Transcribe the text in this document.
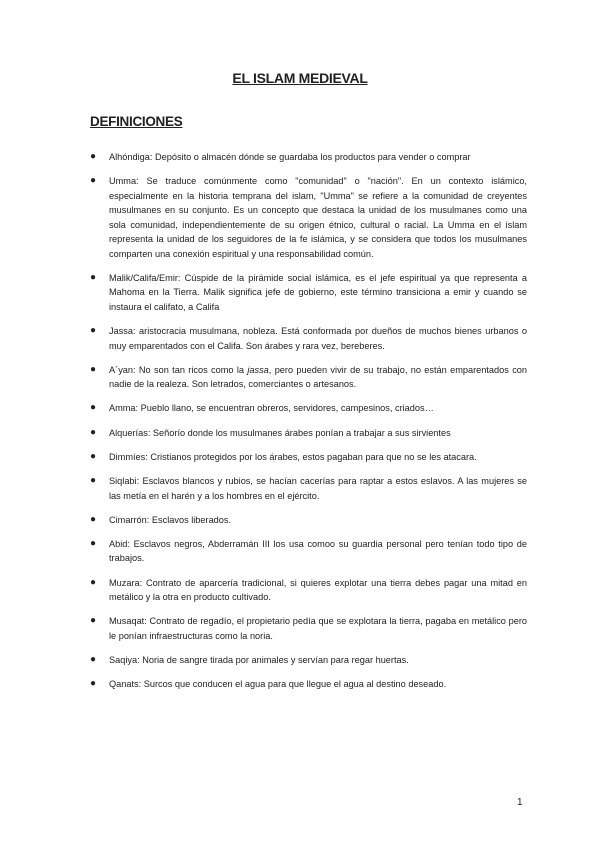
EL ISLAM MEDIEVAL
DEFINICIONES
● Alhóndiga: Depósito o almacén dónde se guardaba los productos para vender o comprar
● Umma: Se traduce comúnmente como "comunidad" o "nación". En un contexto islámico, especialmente en la historia temprana del islam, "Umma" se refiere a la comunidad de creyentes musulmanes en su conjunto. Es un concepto que destaca la unidad de los musulmanes como una sola comunidad, independientemente de su origen étnico, cultural o racial. La Umma en el islam representa la unidad de los seguidores de la fe islámica, y se considera que todos los musulmanes comparten una conexión espiritual y una responsabilidad común.
● Malik/Califa/Emir: Cúspide de la pirámide social islámica, es el jefe espiritual ya que representa a Mahoma en la Tierra. Malik significa jefe de gobierno, este término transiciona a emir y cuando se instaura el califato, a Califa
● Jassa: aristocracia musulmana, nobleza. Está conformada por dueños de muchos bienes urbanos o muy emparentados con el Califa. Son árabes y rara vez, bereberes.
● A´yan: No son tan ricos como la jassa, pero pueden vivir de su trabajo, no están emparentados con nadie de la realeza. Son letrados, comerciantes o artesanos.
● Amma: Pueblo llano, se encuentran obreros, servidores, campesinos, criados…
● Alquerías: Señorío donde los musulmanes árabes ponían a trabajar a sus sirvientes
● Dimmíes: Cristianos protegidos por los árabes, estos pagaban para que no se les atacara.
● Siqlabi: Esclavos blancos y rubios, se hacían cacerías para raptar a estos eslavos. A las mujeres se las metía en el harén y a los hombres en el ejército.
● Cimarrón: Esclavos liberados.
● Abid: Esclavos negros, Abderramán III los usa comoo su guardia personal pero tenían todo tipo de trabajos.
● Muzara: Contrato de aparcería tradicional, si quieres explotar una tierra debes pagar una mitad en metálico y la otra en producto cultivado.
● Musaqat: Contrato de regadío, el propietario pedía que se explotara la tierra, pagaba en metálico pero le ponían infraestructuras como la noria.
● Saqiya: Noria de sangre tirada por animales y servían para regar huertas.
● Qanats: Surcos que conducen el agua para que llegue el agua al destino deseado.
1
